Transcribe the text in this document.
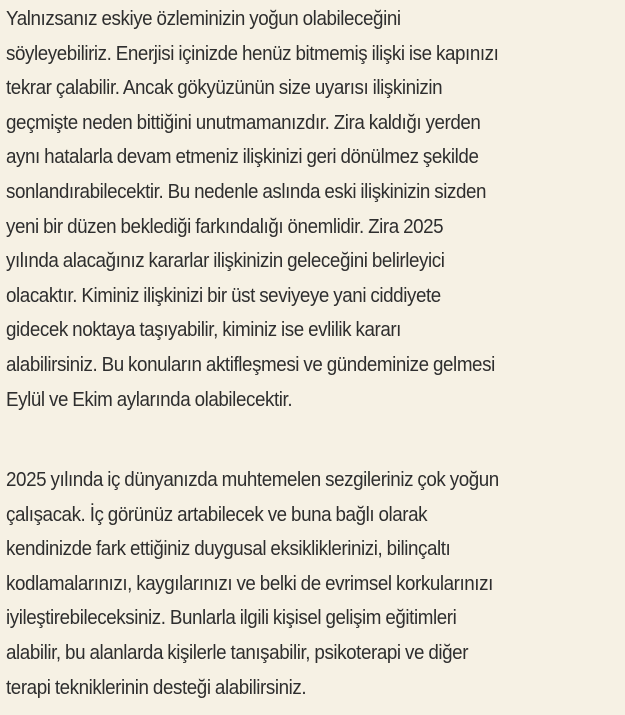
Yalnızsanız eskiye özleminizin yoğun olabileceğini
söyleyebiliriz. Enerjisi içinizde henüz bitmemiş ilişki ise kapınızı
tekrar çalabilir. Ancak gökyüzünün size uyarısı ilişkinizin
geçmişte neden bittiğini unutmamanızdır. Zira kaldığı yerden
aynı hatalarla devam etmeniz ilişkinizi geri dönülmez şekilde
sonlandırabilecektir. Bu nedenle aslında eski ilişkinizin sizden
yeni bir düzen beklediği farkındalığı önemlidir. Zira 2025
yılında alacağınız kararlar ilişkinizin geleceğini belirleyici
olacaktır. Kiminiz ilişkinizi bir üst seviyeye yani ciddiyete
gidecek noktaya taşıyabilir, kiminiz ise evlilik kararı
alabilirsiniz. Bu konuların aktifleşmesi ve gündeminize gelmesi
Eylül ve Ekim aylarında olabilecektir.

2025 yılında iç dünyanızda muhtemelen sezgileriniz çok yoğun
çalışacak. İç görünüz artabilecek ve buna bağlı olarak
kendinizde fark ettiğiniz duygusal eksikliklerinizi, bilinçaltı
kodlamalarınızı, kaygılarınızı ve belki de evrimsel korkularınızı
iyileştirebileceksiniz. Bunlarla ilgili kişisel gelişim eğitimleri
alabilir, bu alanlarda kişilerle tanışabilir, psikoterapi ve diğer
terapi tekniklerinin desteği alabilirsiniz.
